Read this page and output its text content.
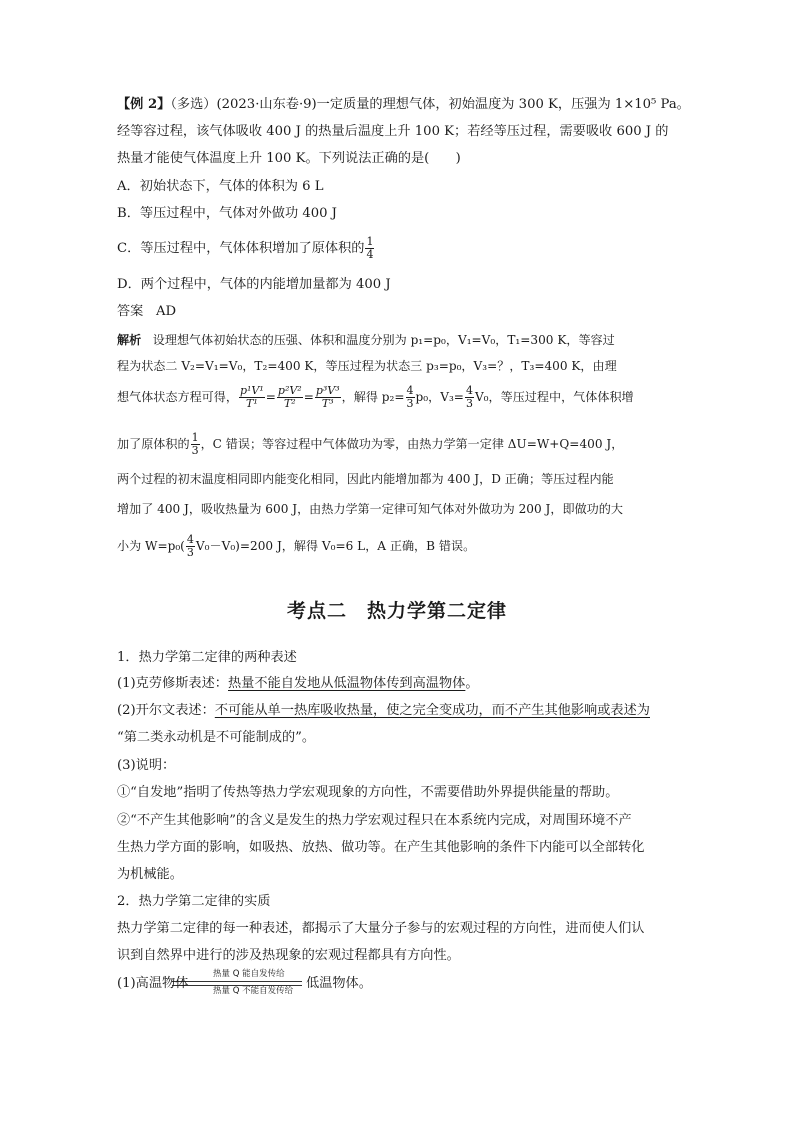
【例 2】（多选）(2023·山东卷·9)一定质量的理想气体，初始温度为 300 K，压强为 1×10⁵ Pa。
经等容过程，该气体吸收 400 J 的热量后温度上升 100 K；若经等压过程，需要吸收 600 J 的
热量才能使气体温度上升 100 K。下列说法正确的是(　　)
A．初始状态下，气体的体积为 6 L
B．等压过程中，气体对外做功 400 J
C．等压过程中，气体体积增加了原体积的 $\frac{1}{4}$
D．两个过程中，气体的内能增加量都为 400 J
答案 AD
解析 设理想气体初始状态的压强、体积和温度分别为 p₁=p₀，V₁=V₀，T₁=300 K，等容过
程为状态二 V₂=V₁=V₀，T₂=400 K，等压过程为状态三 p₃=p₀，V₃=？，T₃=400 K，由理
想气体状态方程可得， $\frac{\text{p¹V¹}}{\text{T¹}} = \frac{\text{p²V²}}{\text{T²}} = \frac{\text{p³V³}}{\text{T³}}$ ，解得 $p_2= \frac{4}{3} p_0$，$V_3= \frac{4}{3} V_0$，等压过程中，气体体积增
加了原体积的 $\frac{1}{3}$ ，C 错误；等容过程中气体做功为零，由热力学第一定律 ΔU=W+Q=400 J，
两个过程的初末温度相同即内能变化相同，因此内能增加都为 400 J，D 正确；等压过程内能
增加了 400 J，吸收热量为 600 J，由热力学第一定律可知气体对外做功为 200 J，即做功的大
小为 $W=p_0( \frac{4}{3} V_0-V_0)=200$ J，解得 V₀=6 L，A 正确，B 错误。
考点二　热力学第二定律
1．热力学第二定律的两种表述
(1)克劳修斯表述：热量不能自发地从低温物体传到高温物体。
(2)开尔文表述：不可能从单一热库吸收热量，使之完全变成功，而不产生其他影响或表述为
“第二类永动机是不可能制成的”。
(3)说明：
①“自发地”指明了传热等热力学宏观现象的方向性，不需要借助外界提供能量的帮助。
②“不产生其他影响”的含义是发生的热力学宏观过程只在本系统内完成，对周围环境不产
生热力学方面的影响，如吸热、放热、做功等。在产生其他影响的条件下内能可以全部转化
为机械能。
2．热力学第二定律的实质
热力学第二定律的每一种表述，都揭示了大量分子参与的宏观过程的方向性，进而使人们认
识到自然界中进行的涉及热现象的宏观过程都具有方向性。
热量 Q 能自发传给
热量 Q 不能自发传给
(1)高温物体	低温物体。
